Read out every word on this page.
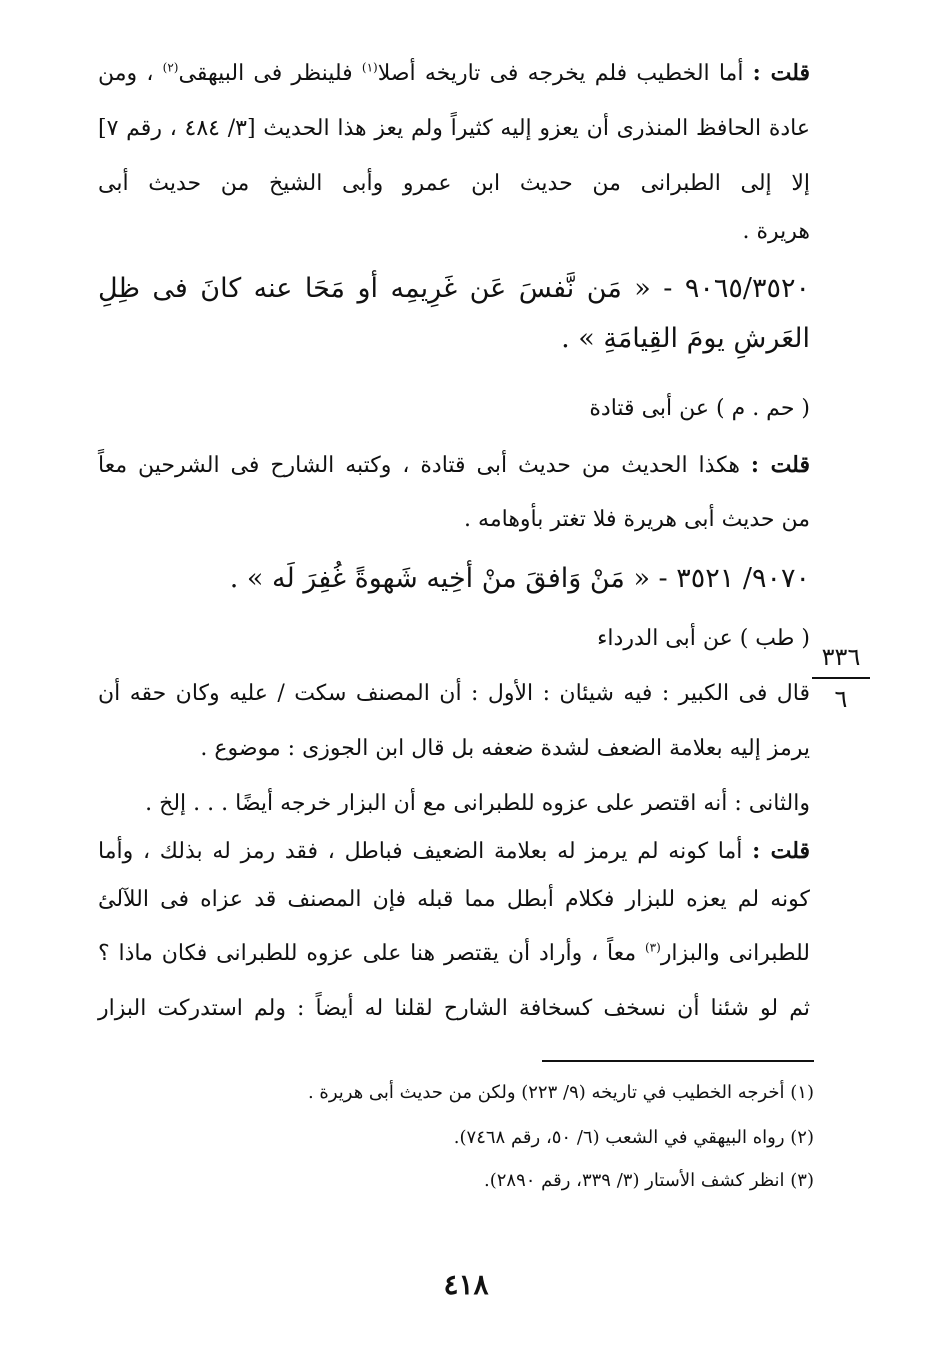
قلت : أما الخطيب فلم يخرجه فى تاريخه أصلا$^{(١)}$ فلينظر فى البيهقى$^{(٢)}$ ، ومن
عادة الحافظ المنذرى أن يعزو إليه كثيراً ولم يعز هذا الحديث [٣/ ٤٨٤ ، رقم ٧]
إلا إلى الطبرانى من حديث ابن عمرو وأبى الشيخ من حديث أبى
هريرة .
٩٠٦٥/٣٥٢٠ - « مَن نَّفسَ عَن غَرِيمِه أو مَحَا عنه كانَ فى ظِلِ
العَرشِ يومَ القِيامَةِ » .
( حم . م ) عن أبى قتادة
قلت : هكذا الحديث من حديث أبى قتادة ، وكتبه الشارح فى الشرحين معاً
من حديث أبى هريرة فلا تغتر بأوهامه .
٩٠٧٠/ ٣٥٢١ - « مَنْ وَافقَ منْ أخِيه شَهوةً غُفِرَ لَه » .
( طب ) عن أبى الدرداء
قال فى الكبير : فيه شيئان : الأول : أن المصنف سكت / عليه وكان حقه أن
يرمز إليه بعلامة الضعف لشدة ضعفه بل قال ابن الجوزى : موضوع .
والثانى : أنه اقتصر على عزوه للطبرانى مع أن البزار خرجه أيضًا . . . إلخ .
قلت : أما كونه لم يرمز له بعلامة الضعيف فباطل ، فقد رمز له بذلك ، وأما
كونه لم يعزه للبزار فكلام أبطل مما قبله فإن المصنف قد عزاه فى اللآلئ
للطبرانى والبزار$^{(٣)}$ معاً ، وأراد أن يقتصر هنا على عزوه للطبرانى فكان ماذا ؟
ثم لو شئنا أن نسخف كسخافة الشارح لقلنا له أيضاً : ولم استدركت البزار
٣٣٦
٦
(١) أخرجه الخطيب في تاريخه (٩/ ٢٢٣) ولكن من حديث أبى هريرة .
(٢) رواه البيهقي في الشعب (٦/ ٥٠، رقم ٧٤٦٨).
(٣) انظر كشف الأستار (٣/ ٣٣٩، رقم ٢٨٩٠).
٤١٨
